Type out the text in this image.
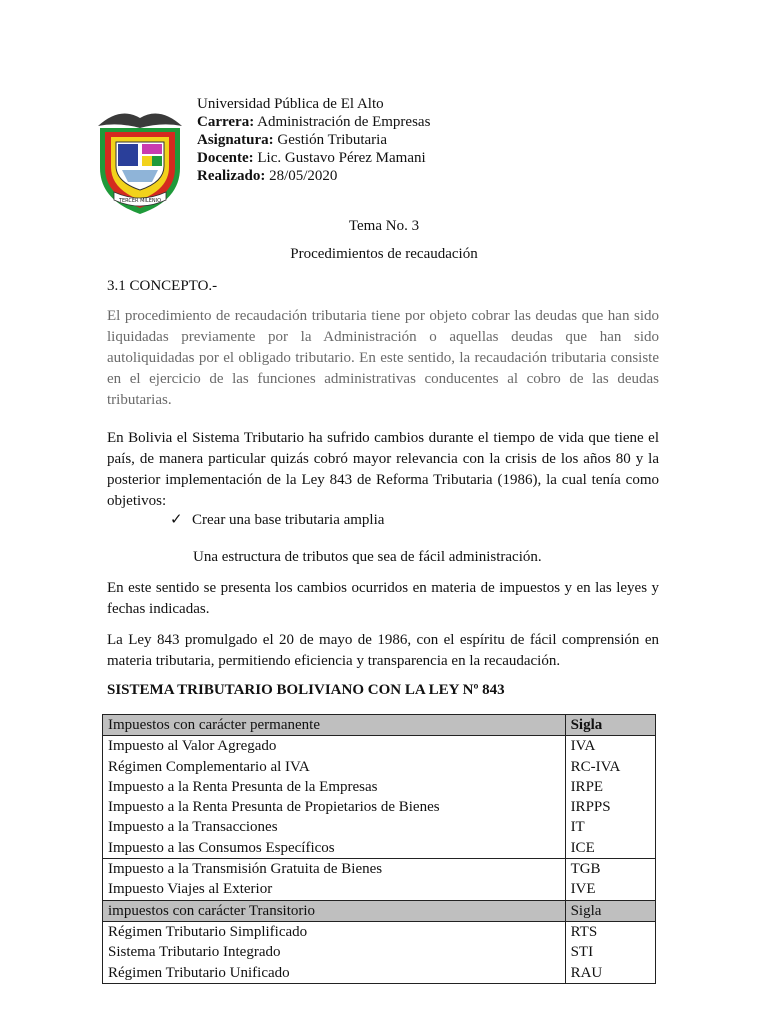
TERCER MILENIO
Universidad Pública de El Alto
Carrera: Administración de Empresas
Asignatura: Gestión Tributaria
Docente: Lic. Gustavo Pérez Mamani
Realizado: 28/05/2020
Tema No. 3
Procedimientos de recaudación
3.1 CONCEPTO.-
El procedimiento de recaudación tributaria tiene por objeto cobrar las deudas que han sido liquidadas previamente por la Administración o aquellas deudas que han sido autoliquidadas por el obligado tributario. En este sentido, la recaudación tributaria consiste en el ejercicio de las funciones administrativas conducentes al cobro de las deudas tributarias.
En Bolivia el Sistema Tributario ha sufrido cambios durante el tiempo de vida que tiene el país, de manera particular quizás cobró mayor relevancia con la crisis de los años 80 y la posterior implementación de la Ley 843 de Reforma Tributaria (1986), la cual tenía como objetivos:
✓ Crear una base tributaria amplia
Una estructura de tributos que sea de fácil administración.
En este sentido se presenta los cambios ocurridos en materia de impuestos y en las leyes y fechas indicadas.
La Ley 843 promulgado el 20 de mayo de 1986, con el espíritu de fácil comprensión en materia tributaria, permitiendo eficiencia y transparencia en la recaudación.
SISTEMA TRIBUTARIO BOLIVIANO CON LA LEY Nº 843
Impuestos con carácter permanente	Sigla
Impuesto al Valor Agregado	IVA
Régimen Complementario al IVA	RC-IVA
Impuesto a la Renta Presunta de la Empresas	IRPE
Impuesto a la Renta Presunta de Propietarios de Bienes	IRPPS
Impuesto a la Transacciones	IT
Impuesto a las Consumos Específicos	ICE
Impuesto a la Transmisión Gratuita de Bienes	TGB
Impuesto Viajes al Exterior	IVE
impuestos con carácter Transitorio	Sigla
Régimen Tributario Simplificado	RTS
Sistema Tributario Integrado	STI
Régimen Tributario Unificado	RAU
